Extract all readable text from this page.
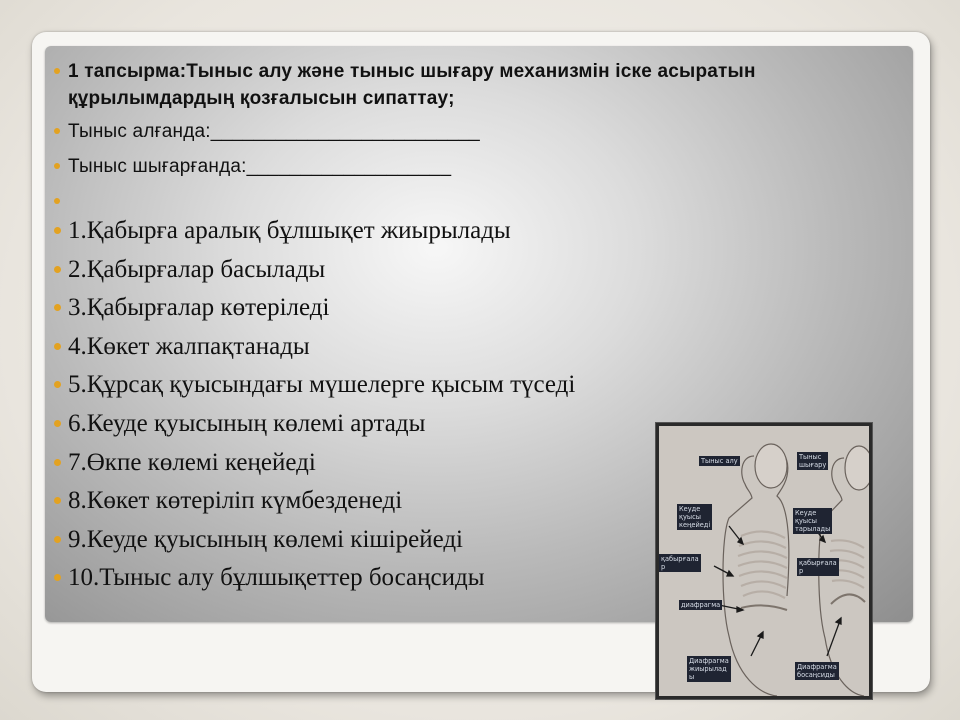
1 тапсырма:Тыныс алу және тыныс шығару механизмін іске асыратын құрылымдардың қозғалысын сипаттау;
Тыныс алғанда:_________________________
Тыныс шығарғанда:___________________
1.Қабырға аралық бұлшықет жиырылады
2.Қабырғалар басылады
3.Қабырғалар көтеріледі
4.Көкет жалпақтанады
5.Құрсақ қуысындағы мүшелерге қысым түседі
6.Кеуде қуысының көлемі артады
7.Өкпе көлемі кеңейеді
8.Көкет көтеріліп күмбезденеді
9.Кеуде қуысының көлемі кішірейеді
10.Тыныс алу бұлшықеттер босаңсиды
Тыныс алу	Тыныс
шығару
Кеуде
қуысы
кеңейеді
Кеуде
қуысы
тарылады
қабырғала
р	қабырғала
р
диафрагма
Диафрагма
жиырылад
ы
Диафрагма
босаңсиды
